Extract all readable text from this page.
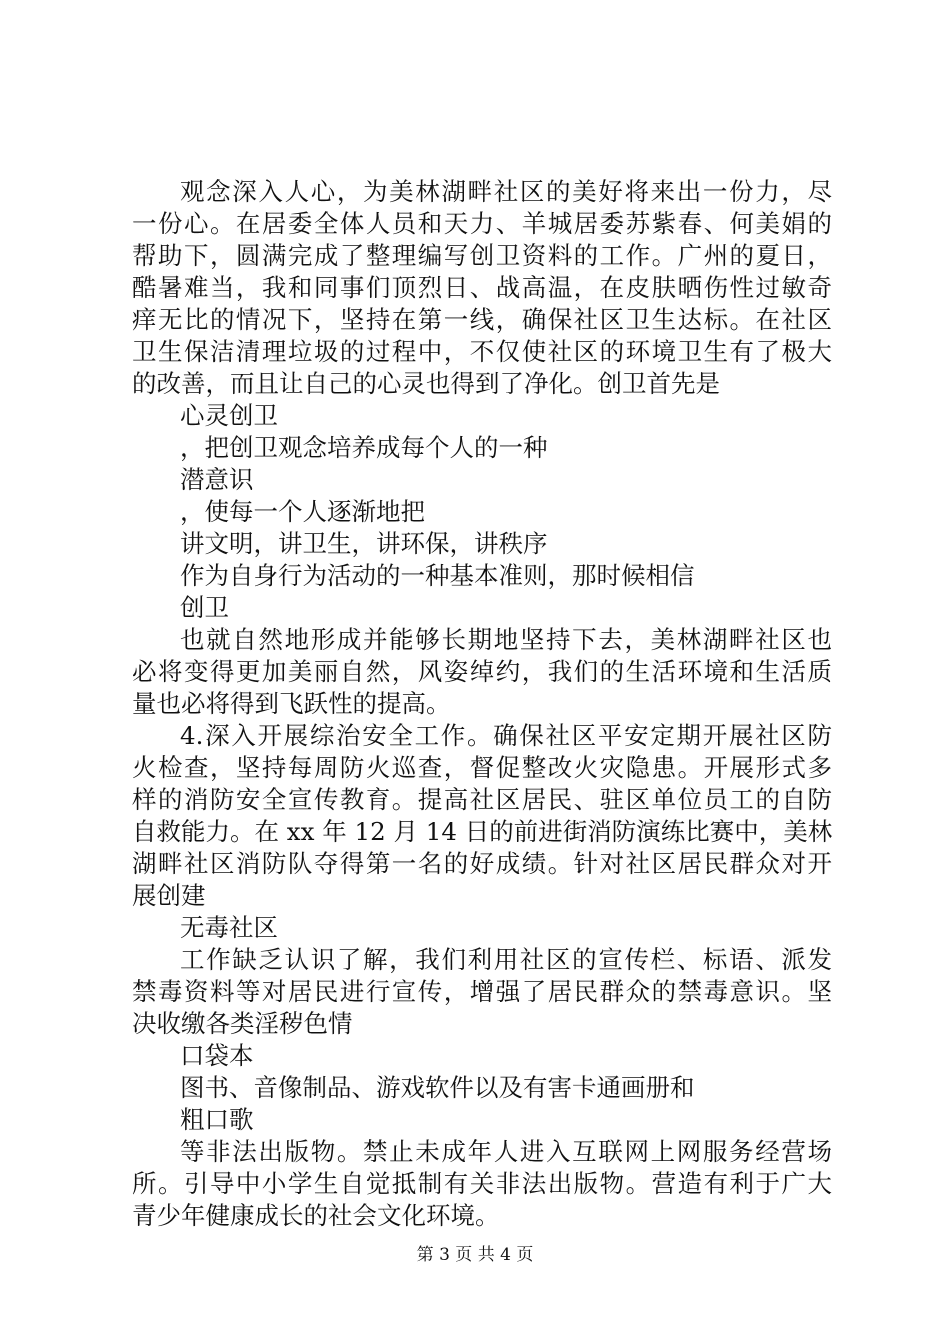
观念深入人心，为美林湖畔社区的美好将来出一份力，尽
一份心。在居委全体人员和天力、羊城居委苏紫春、何美娟的
帮助下，圆满完成了整理编写创卫资料的工作。广州的夏日，
酷暑难当，我和同事们顶烈日、战高温，在皮肤晒伤性过敏奇
痒无比的情况下，坚持在第一线，确保社区卫生达标。在社区
卫生保洁清理垃圾的过程中，不仅使社区的环境卫生有了极大
的改善，而且让自己的心灵也得到了净化。创卫首先是
心灵创卫
，把创卫观念培养成每个人的一种
潜意识
，使每一个人逐渐地把
讲文明，讲卫生，讲环保，讲秩序
作为自身行为活动的一种基本准则，那时候相信
创卫
也就自然地形成并能够长期地坚持下去，美林湖畔社区也
必将变得更加美丽自然，风姿绰约，我们的生活环境和生活质
量也必将得到飞跃性的提高。
4.深入开展综治安全工作。确保社区平安定期开展社区防
火检查，坚持每周防火巡查，督促整改火灾隐患。开展形式多
样的消防安全宣传教育。提高社区居民、驻区单位员工的自防
自救能力。在 xx 年 12 月 14 日的前进街消防演练比赛中，美林
湖畔社区消防队夺得第一名的好成绩。针对社区居民群众对开
展创建
无毒社区
工作缺乏认识了解，我们利用社区的宣传栏、标语、派发
禁毒资料等对居民进行宣传，增强了居民群众的禁毒意识。坚
决收缴各类淫秽色情
口袋本
图书、音像制品、游戏软件以及有害卡通画册和
粗口歌
等非法出版物。禁止未成年人进入互联网上网服务经营场
所。引导中小学生自觉抵制有关非法出版物。营造有利于广大
青少年健康成长的社会文化环境。
第 3 页 共 4 页
